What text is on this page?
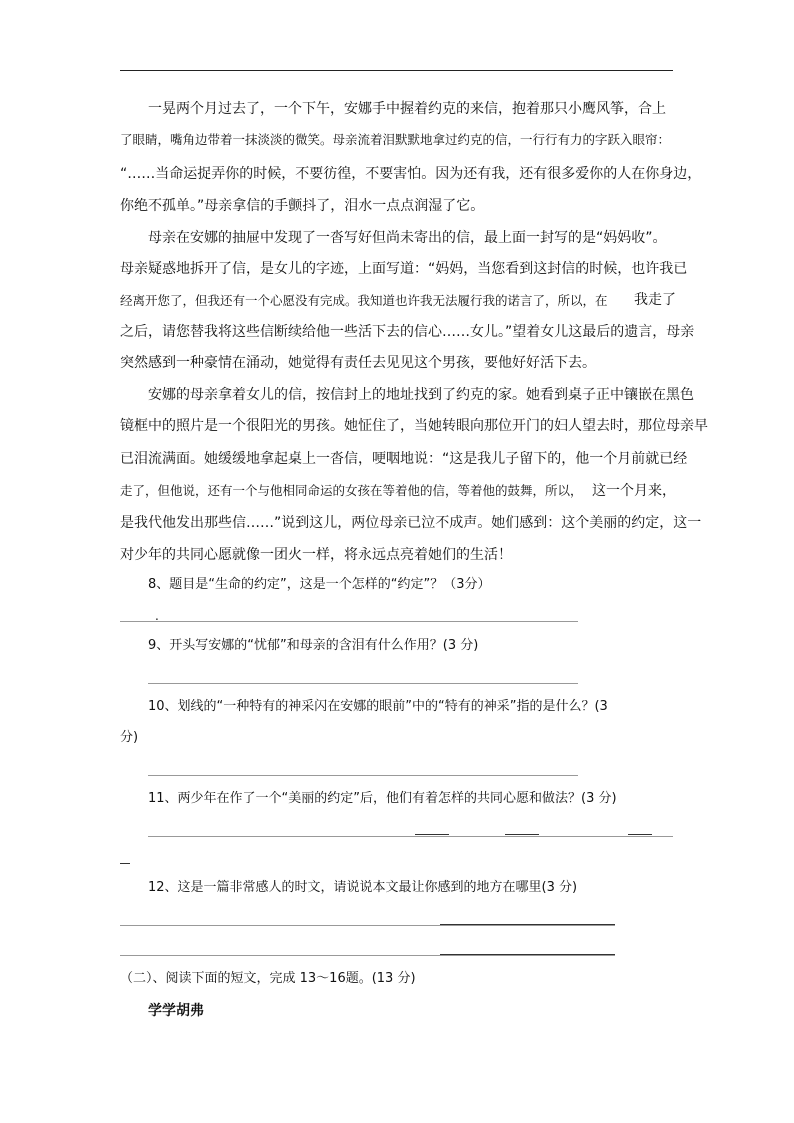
一晃两个月过去了，一个下午，安娜手中握着约克的来信，抱着那只小鹰风筝，合上
了眼睛，嘴角边带着一抹淡淡的微笑。母亲流着泪默默地拿过约克的信，一行行有力的字跃入眼帘：
“……当命运捉弄你的时候，不要彷徨，不要害怕。因为还有我，还有很多爱你的人在你身边，
你绝不孤单。”母亲拿信的手颤抖了，泪水一点点润湿了它。
母亲在安娜的抽屉中发现了一沓写好但尚未寄出的信，最上面一封写的是“妈妈收”。
母亲疑惑地拆开了信，是女儿的字迹，上面写道：“妈妈，当您看到这封信的时候，也许我已
经离开您了，但我还有一个心愿没有完成。我知道也许我无法履行我的诺言了，所以，在 我走了
之后，请您替我将这些信断续给他一些活下去的信心……女儿。”望着女儿这最后的遗言，母亲
突然感到一种豪情在涌动，她觉得有责任去见见这个男孩，要他好好活下去。
安娜的母亲拿着女儿的信，按信封上的地址找到了约克的家。她看到桌子正中镶嵌在黑色
镜框中的照片是一个很阳光的男孩。她怔住了，当她转眼向那位开门的妇人望去时，那位母亲早
已泪流满面。她缓缓地拿起桌上一沓信，哽咽地说：“这是我儿子留下的，他一个月前就已经
走了，但他说，还有一个与他相同命运的女孩在等着他的信，等着他的鼓舞，所以， 这一个月来，
是我代他发出那些信……”说到这儿，两位母亲已泣不成声。她们感到：这个美丽的约定，这一
对少年的共同心愿就像一团火一样，将永远点亮着她们的生活！
8、题目是“生命的约定”，这是一个怎样的“约定”？（3分）
.
9、开头写安娜的“忧郁”和母亲的含泪有什么作用？(3 分)
10、划线的“一种特有的神采闪在安娜的眼前”中的“特有的神采”指的是什么？(3
分)
11、两少年在作了一个“美丽的约定”后，他们有着怎样的共同心愿和做法？(3 分)
12、这是一篇非常感人的时文，请说说本文最让你感到的地方在哪里(3 分)
（二）、阅读下面的短文，完成 13～16题。(13 分)
学学胡弗
